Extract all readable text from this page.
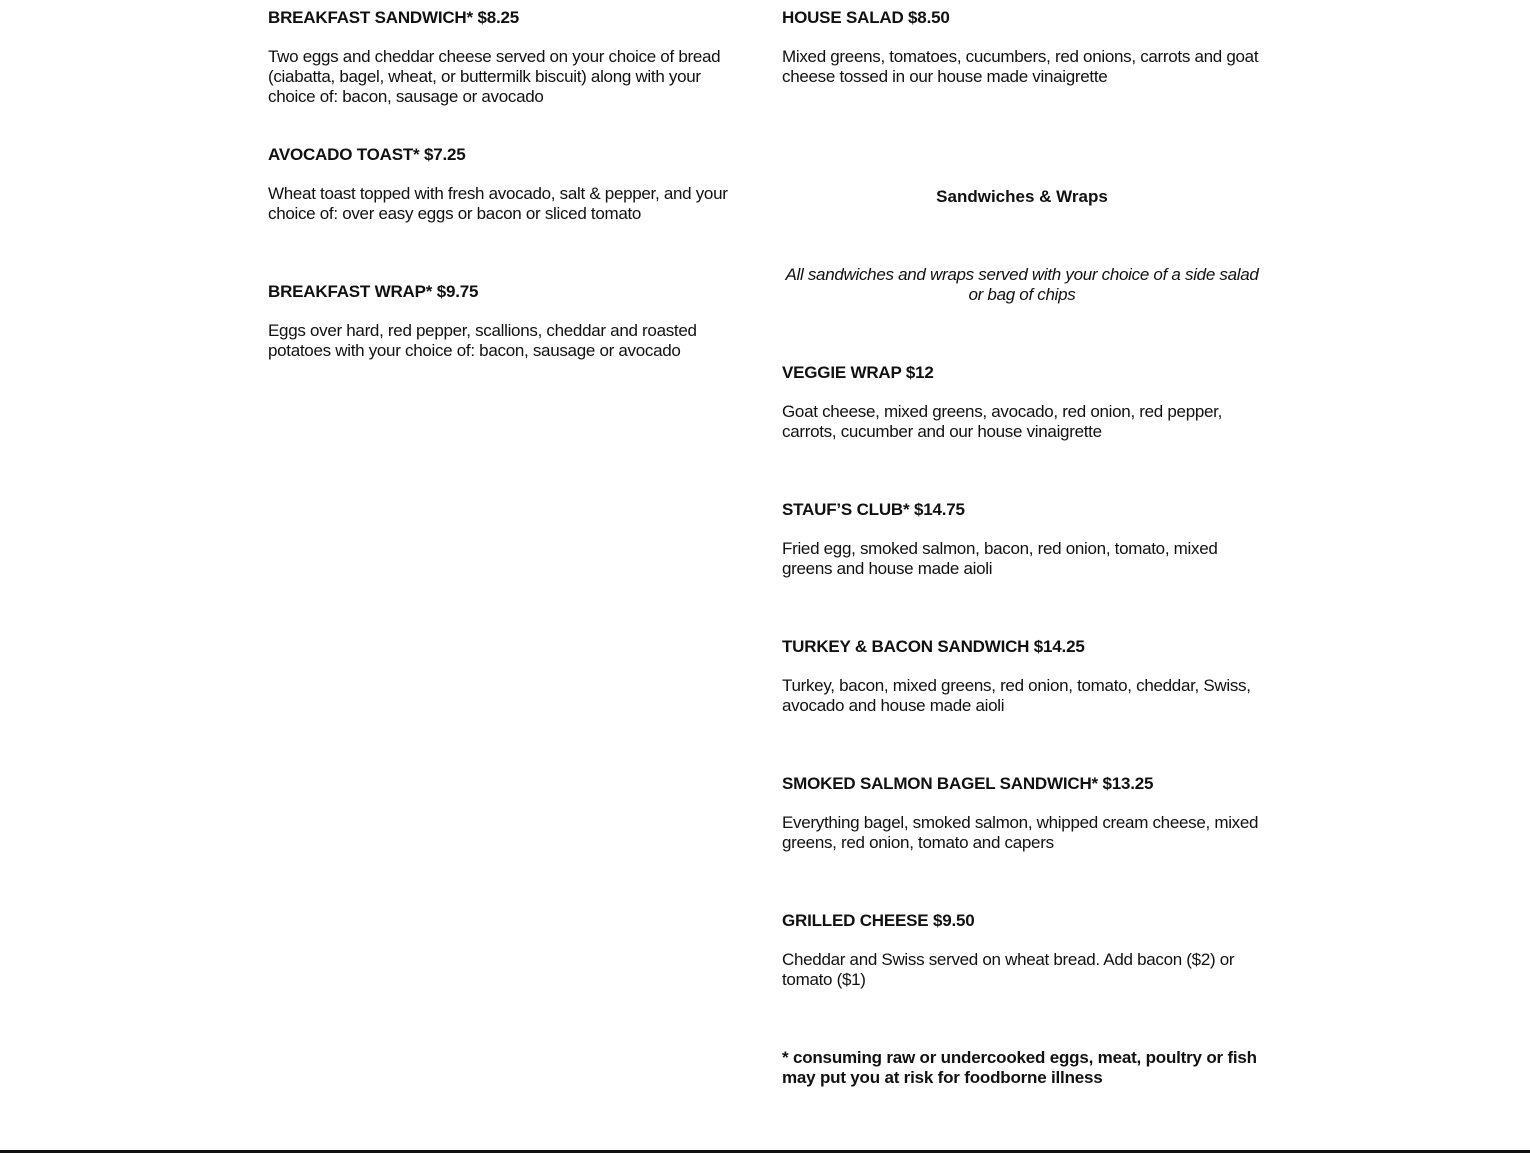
BREAKFAST SANDWICH* $8.25

Two eggs and cheddar cheese served on your choice of bread (ciabatta, bagel, wheat, or buttermilk biscuit) along with your choice of: bacon, sausage or avocado

AVOCADO TOAST* $7.25

Wheat toast topped with fresh avocado, salt & pepper, and your choice of: over easy eggs or bacon or sliced tomato

BREAKFAST WRAP* $9.75

Eggs over hard, red pepper, scallions, cheddar and roasted potatoes with your choice of: bacon, sausage or avocado

HOUSE SALAD $8.50

Mixed greens, tomatoes, cucumbers, red onions, carrots and goat cheese tossed in our house made vinaigrette

Sandwiches & Wraps

All sandwiches and wraps served with your choice of a side salad or bag of chips

VEGGIE WRAP $12

Goat cheese, mixed greens, avocado, red onion, red pepper, carrots, cucumber and our house vinaigrette

STAUF’S CLUB* $14.75

Fried egg, smoked salmon, bacon, red onion, tomato, mixed greens and house made aioli

TURKEY & BACON SANDWICH $14.25

Turkey, bacon, mixed greens, red onion, tomato, cheddar, Swiss, avocado and house made aioli

SMOKED SALMON BAGEL SANDWICH* $13.25

Everything bagel, smoked salmon, whipped cream cheese, mixed greens, red onion, tomato and capers

GRILLED CHEESE $9.50

Cheddar and Swiss served on wheat bread. Add bacon ($2) or tomato ($1)

* consuming raw or undercooked eggs, meat, poultry or fish may put you at risk for foodborne illness
